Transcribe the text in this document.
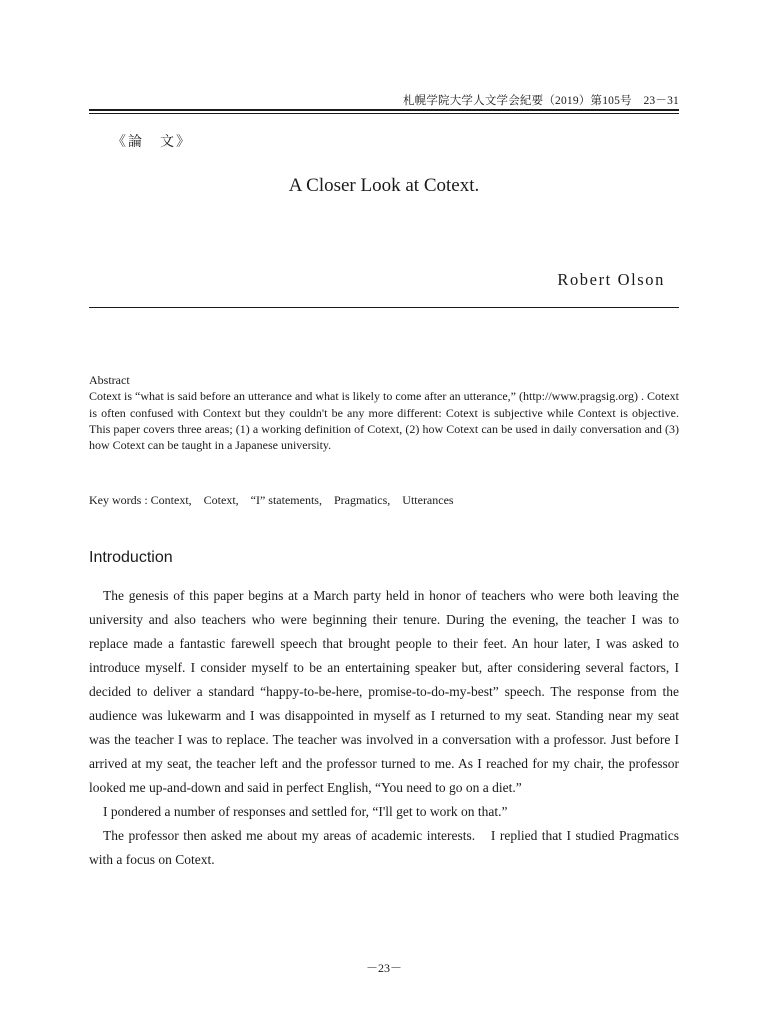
札幌学院大学人文学会紀要（2019）第105号　23－31
《論　文》
A Closer Look at Cotext.
Robert Olson
Abstract
Cotext is “what is said before an utterance and what is likely to come after an utterance,” (http://www.pragsig.org) . Cotext is often confused with Context but they couldn't be any more different: Cotext is subjective while Context is objective. This paper covers three areas; (1) a working definition of Cotext, (2) how Cotext can be used in daily conversation and (3) how Cotext can be taught in a Japanese university.
Key words : Context,　Cotext,　“I” statements,　Pragmatics,　Utterances
Introduction

The genesis of this paper begins at a March party held in honor of teachers who were both leaving the university and also teachers who were beginning their tenure. During the evening, the teacher I was to replace made a fantastic farewell speech that brought people to their feet. An hour later, I was asked to introduce myself. I consider myself to be an entertaining speaker but, after considering several factors, I decided to deliver a standard “happy-to-be-here, promise-to-do-my-best” speech. The response from the audience was lukewarm and I was disappointed in myself as I returned to my seat. Standing near my seat was the teacher I was to replace. The teacher was involved in a conversation with a professor. Just before I arrived at my seat, the teacher left and the professor turned to me. As I reached for my chair, the professor looked me up-and-down and said in perfect English, “You need to go on a diet.”

I pondered a number of responses and settled for, “I'll get to work on that.”

The professor then asked me about my areas of academic interests.　I replied that I studied Pragmatics with a focus on Cotext.

－23－
